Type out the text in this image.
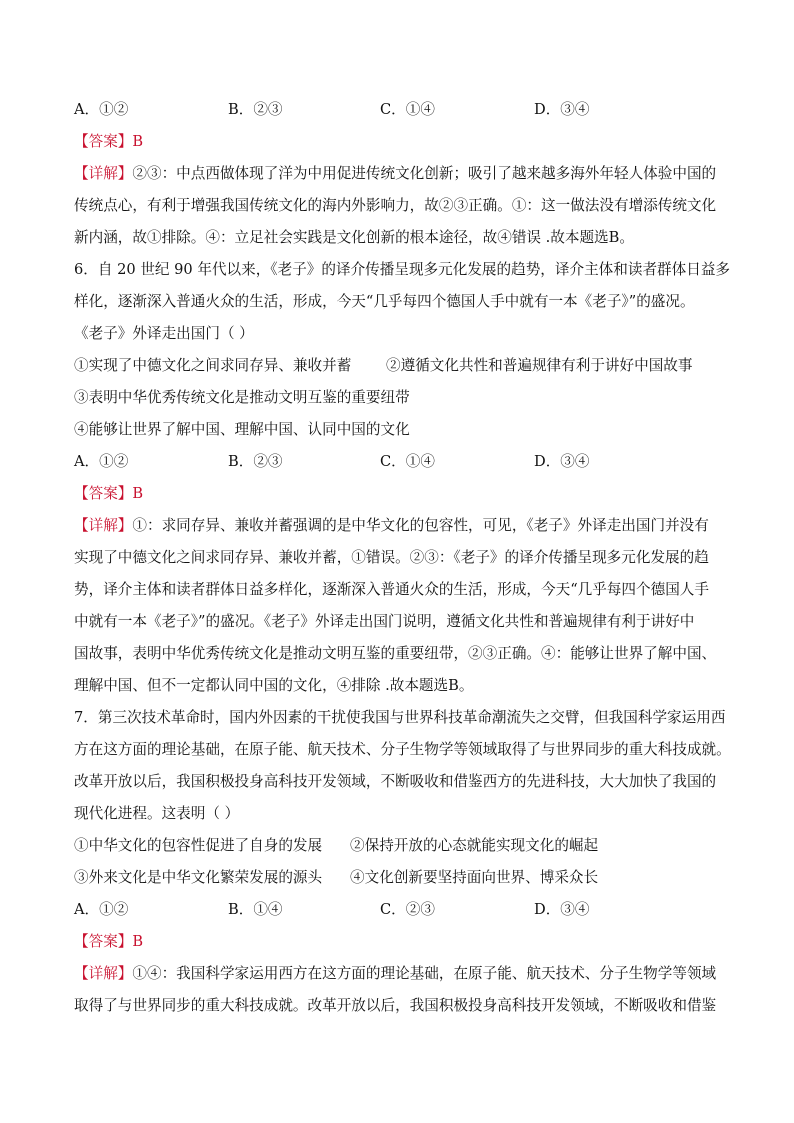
A．①②	B．②③	C．①④	D．③④
【答案】B
【详解】②③：中点西做体现了洋为中用促进传统文化创新；吸引了越来越多海外年轻人体验中国的
传统点心，有利于增强我国传统文化的海内外影响力，故②③正确。①：这一做法没有增添传统文化
新内涵，故①排除。④：立足社会实践是文化创新的根本途径，故④错误 .故本题选B。
6．自 20 世纪 90 年代以来，《老子》的译介传播呈现多元化发展的趋势，译介主体和读者群体日益多
样化，逐渐深入普通火众的生活，形成，今天“几乎每四个德国人手中就有一本《老子》”的盛况。
《老子》外译走出国门（ ）
①实现了中德文化之间求同存异、兼收并蓄 ②遵循文化共性和普遍规律有利于讲好中国故事
③表明中华优秀传统文化是推动文明互鉴的重要纽带
④能够让世界了解中国、理解中国、认同中国的文化
A．①②	B．②③	C．①④	D．③④
【答案】B
【详解】①：求同存异、兼收并蓄强调的是中华文化的包容性，可见，《老子》外译走出国门并没有
实现了中德文化之间求同存异、兼收并蓄，①错误。②③：《老子》的译介传播呈现多元化发展的趋
势，译介主体和读者群体日益多样化，逐渐深入普通火众的生活，形成，今天“几乎每四个德国人手
中就有一本《老子》”的盛况。《老子》外译走出国门说明，遵循文化共性和普遍规律有利于讲好中
国故事，表明中华优秀传统文化是推动文明互鉴的重要纽带，②③正确。④：能够让世界了解中国、
理解中国、但不一定都认同中国的文化，④排除 .故本题选B。
7．第三次技术革命时，国内外因素的干扰使我国与世界科技革命潮流失之交臂，但我国科学家运用西
方在这方面的理论基础，在原子能、航天技术、分子生物学等领域取得了与世界同步的重大科技成就。
改革开放以后，我国积极投身高科技开发领域，不断吸收和借鉴西方的先进科技，大大加快了我国的
现代化进程。这表明（ ）
①中华文化的包容性促进了自身的发展 ②保持开放的心态就能实现文化的崛起
③外来文化是中华文化繁荣发展的源头 ④文化创新要坚持面向世界、博采众长
A．①②	B．①④	C．②③	D．③④
【答案】B
【详解】①④：我国科学家运用西方在这方面的理论基础，在原子能、航天技术、分子生物学等领域
取得了与世界同步的重大科技成就。改革开放以后，我国积极投身高科技开发领域，不断吸收和借鉴
